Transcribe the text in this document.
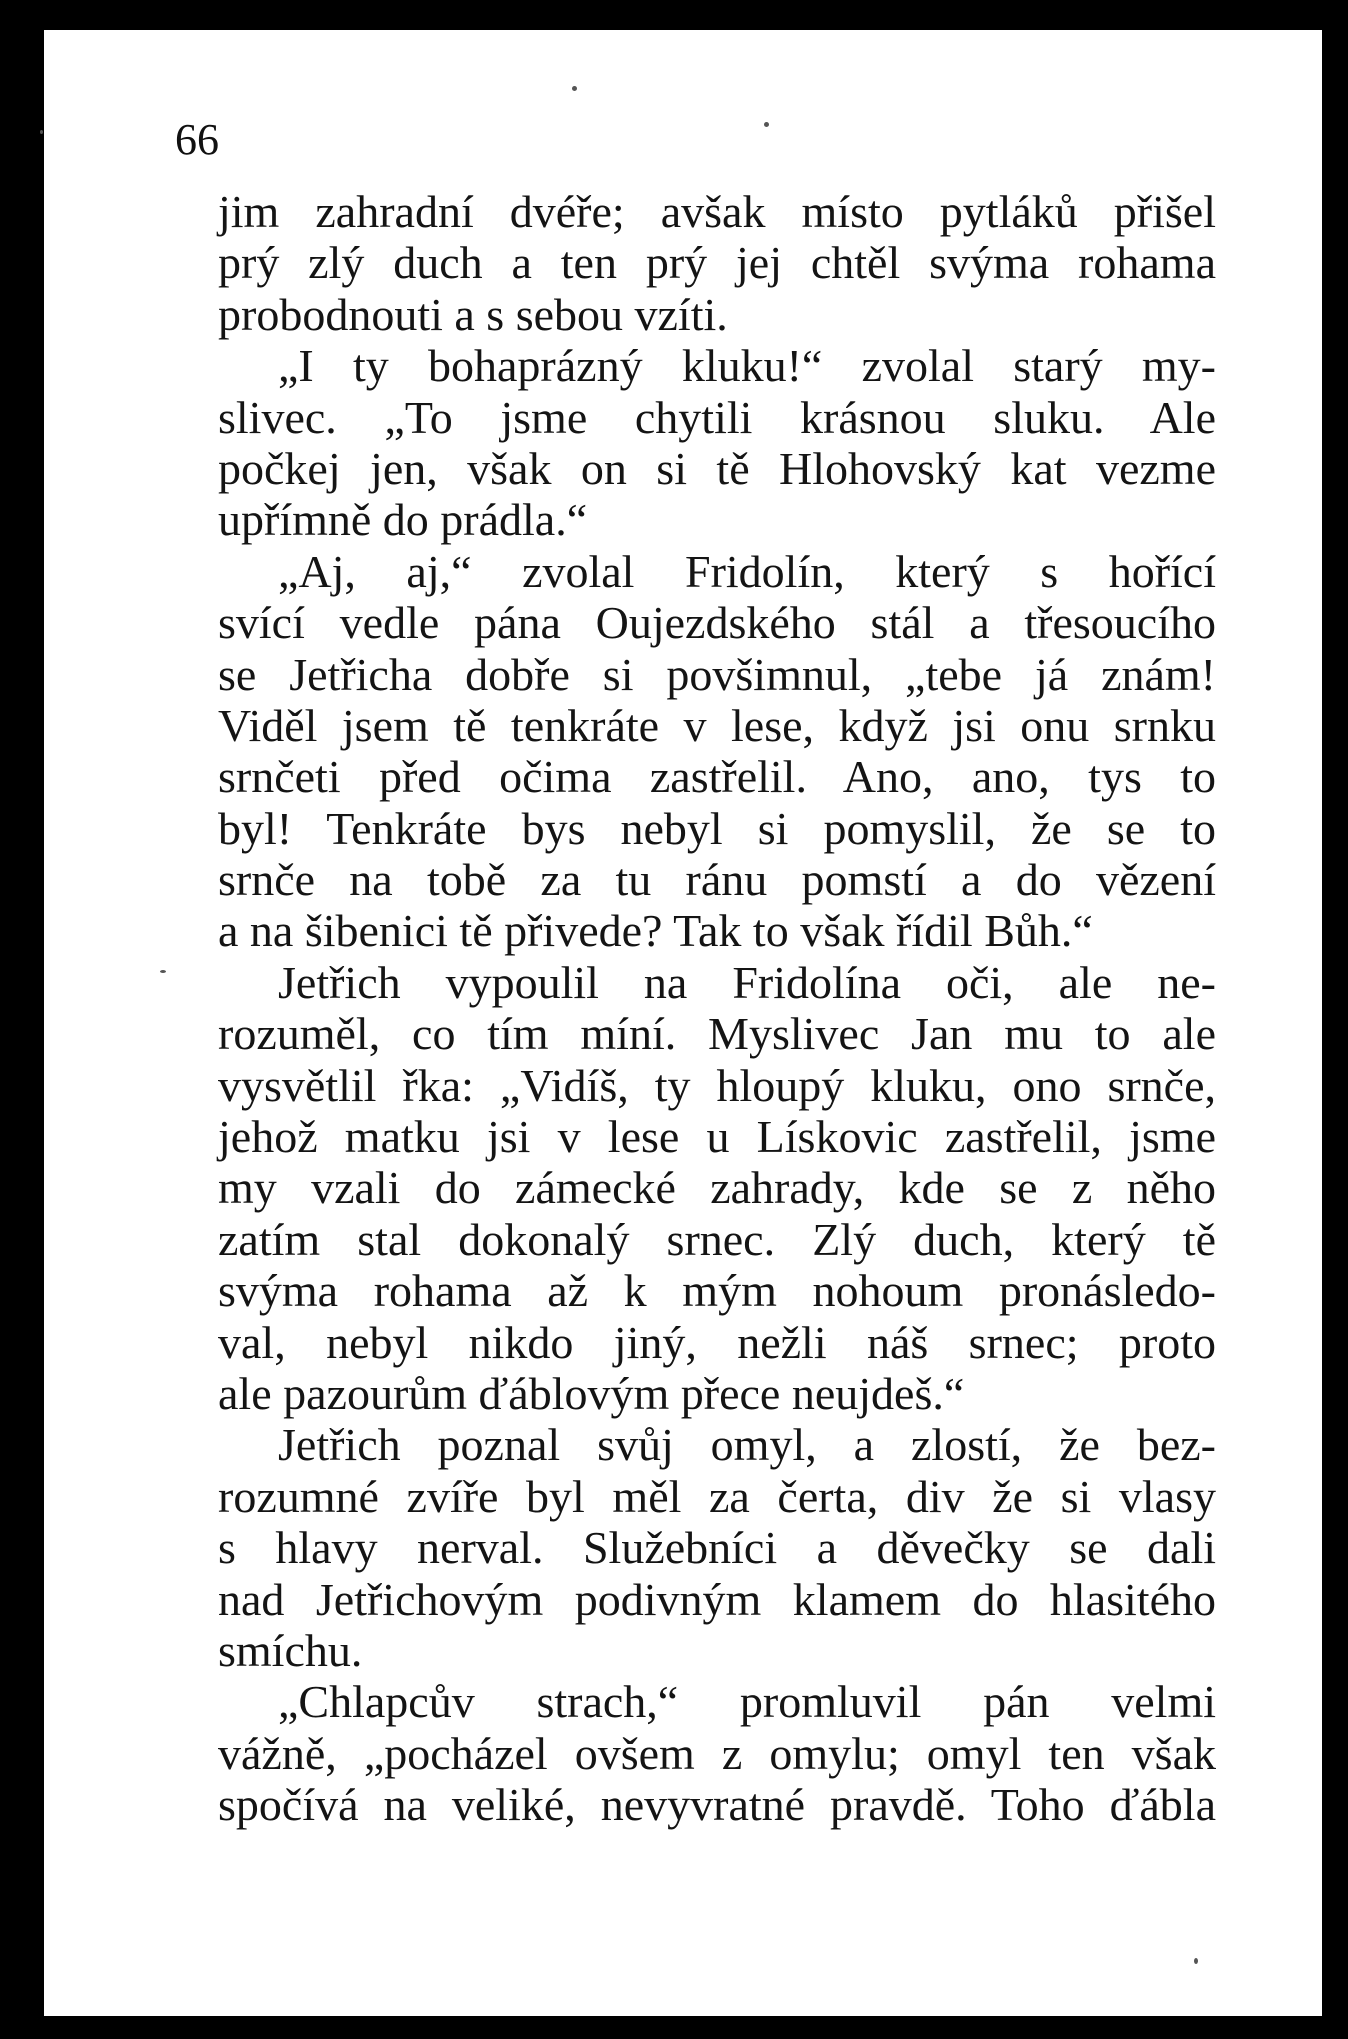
66
jim zahradní dvéře; avšak místo pytláků přišel
prý zlý duch a ten prý jej chtěl svýma rohama
probodnouti a s sebou vzíti.
„I ty bohaprázný kluku!“ zvolal starý my-
slivec. „To jsme chytili krásnou sluku. Ale
počkej jen, však on si tě Hlohovský kat vezme
upřímně do prádla.“
„Aj, aj,“ zvolal Fridolín, který s hořící
svící vedle pána Oujezdského stál a třesoucího
se Jetřicha dobře si povšimnul, „tebe já znám!
Viděl jsem tě tenkráte v lese, když jsi onu srnku
srnčeti před očima zastřelil. Ano, ano, tys to
byl! Tenkráte bys nebyl si pomyslil, že se to
srnče na tobě za tu ránu pomstí a do vězení
a na šibenici tě přivede? Tak to však řídil Bůh.“
Jetřich vypoulil na Fridolína oči, ale ne-
rozuměl, co tím míní. Myslivec Jan mu to ale
vysvětlil řka: „Vidíš, ty hloupý kluku, ono srnče,
jehož matku jsi v lese u Lískovic zastřelil, jsme
my vzali do zámecké zahrady, kde se z něho
zatím stal dokonalý srnec. Zlý duch, který tě
svýma rohama až k mým nohoum pronásledo-
val, nebyl nikdo jiný, nežli náš srnec; proto
ale pazourům ďáblovým přece neujdeš.“
Jetřich poznal svůj omyl, a zlostí, že bez-
rozumné zvíře byl měl za čerta, div že si vlasy
s hlavy nerval. Služebníci a děvečky se dali
nad Jetřichovým podivným klamem do hlasitého
smíchu.
„Chlapcův strach,“ promluvil pán velmi
vážně, „pocházel ovšem z omylu; omyl ten však
spočívá na veliké, nevyvratné pravdě. Toho ďábla
